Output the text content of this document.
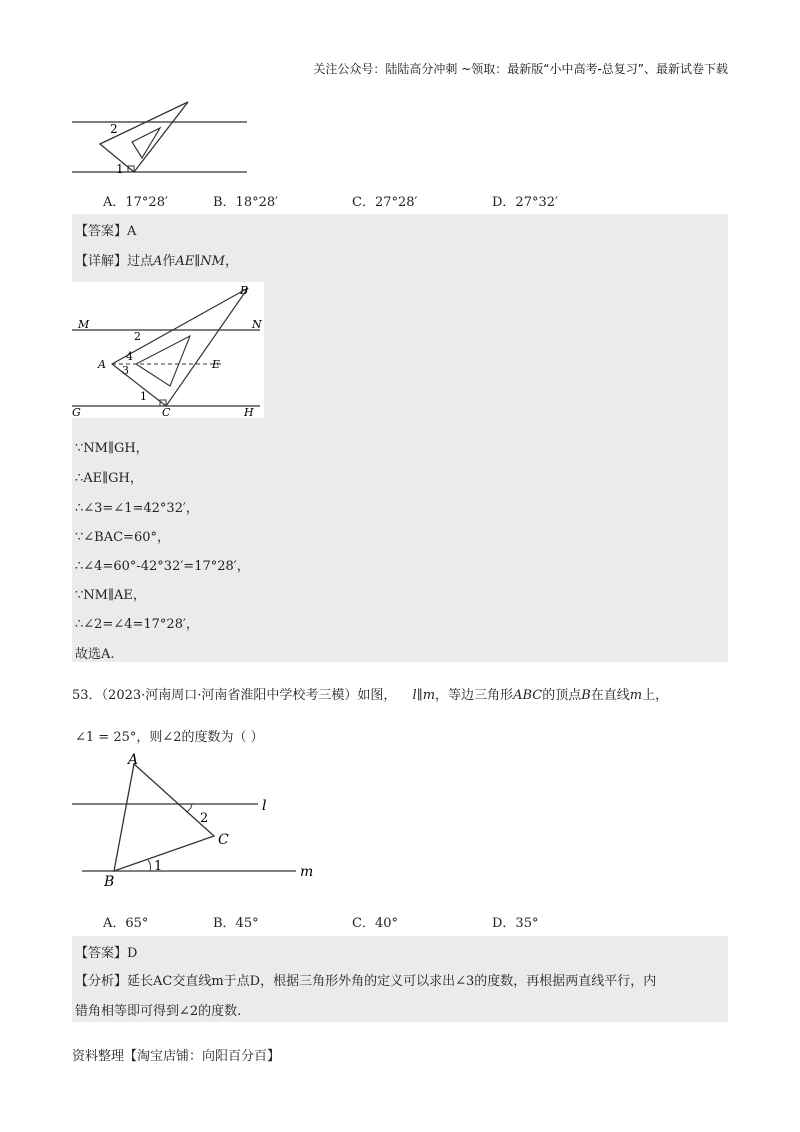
关注公众号：陆陆高分冲刺 ~领取：最新版“小中高考-总复习”、最新试卷下载
2
1
A．17°28′	B．18°28′	C．27°28′	D．27°32′
【答案】A
【详解】过点A作AE∥NM，
B
M	N
E
A
G	C	H
2
4
3
1
∵NM∥GH，
∴AE∥GH，
∴∠3=∠1=42°32′，
∵∠BAC=60°，
∴∠4=60°-42°32′=17°28′，
∵NM∥AE，
∴∠2=∠4=17°28′，
故选A.
53．（2023·河南周口·河南省淮阳中学校考三模）如图， l∥m，等边三角形ABC的顶点B在直线m上，
∠1 = 25°，则∠2的度数为（ ）
A
l
C
B
m
2
1
A．65°	B．45°	C．40°	D．35°
【答案】D
【分析】延长AC交直线m于点D，根据三角形外角的定义可以求出∠3的度数，再根据两直线平行，内
错角相等即可得到∠2的度数.
资料整理【淘宝店铺：向阳百分百】
